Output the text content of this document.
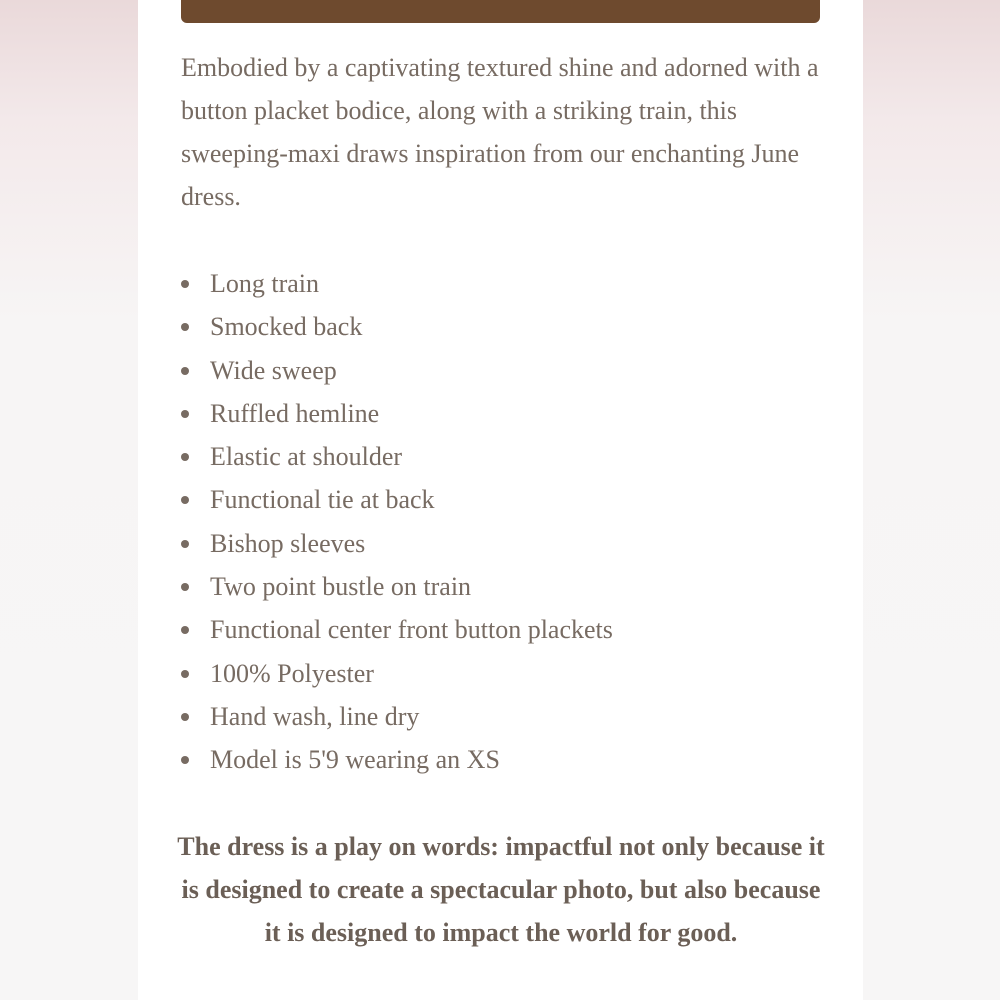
Embodied by a captivating textured shine and adorned with a button placket bodice, along with a striking train, this sweeping-maxi draws inspiration from our enchanting June dress.

Long train
Smocked back
Wide sweep
Ruffled hemline
Elastic at shoulder
Functional tie at back
Bishop sleeves
Two point bustle on train
Functional center front button plackets
100% Polyester
Hand wash, line dry
Model is 5'9 wearing an XS

The dress is a play on words: impactful not only because it is designed to create a spectacular photo, but also because it is designed to impact the world for good.
